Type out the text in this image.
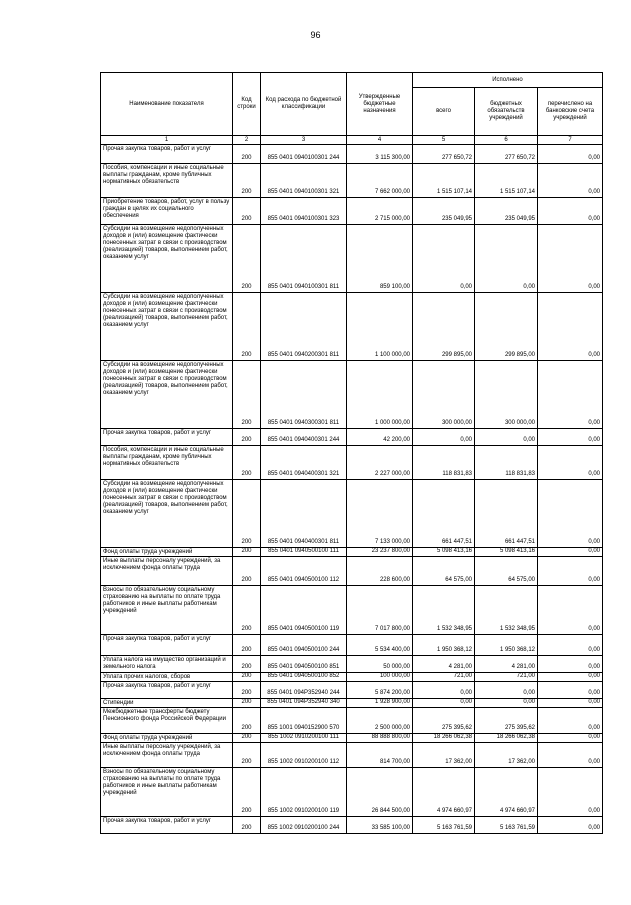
96
Наименование показателя	Код строки	Код расхода по бюджетной классификации	Утвержденные бюджетные назначения	Исполнено		
				всего	бюджетных обязательств учреждений	перечислено на банковские счета учреждений
1	2	3	4	5	6	7
Прочая закупка товаров, работ и услуг	200	855 0401 0940100301 244	3 115 300,00	277 650,72	277 650,72	0,00
Пособия, компенсации и иные социальные выплаты гражданам, кроме публичных нормативных обязательств	200	855 0401 0940100301 321	7 662 000,00	1 515 107,14	1 515 107,14	0,00
Приобретение товаров, работ, услуг в пользу граждан в целях их социального обеспечения	200	855 0401 0940100301 323	2 715 000,00	235 049,95	235 049,95	0,00
Субсидии на возмещение недополученных доходов и (или) возмещение фактически понесенных затрат в связи с производством (реализацией) товаров, выполнением работ, оказанием услуг	200	855 0401 0940100301 811	859 100,00	0,00	0,00	0,00
Субсидии на возмещение недополученных доходов и (или) возмещение фактически понесенных затрат в связи с производством (реализацией) товаров, выполнением работ, оказанием услуг	200	855 0401 0940200301 811	1 100 000,00	299 895,00	299 895,00	0,00
Субсидии на возмещение недополученных доходов и (или) возмещение фактически понесенных затрат в связи с производством (реализацией) товаров, выполнением работ, оказанием услуг	200	855 0401 0940300301 811	1 000 000,00	300 000,00	300 000,00	0,00
Прочая закупка товаров, работ и услуг	200	855 0401 0940400301 244	42 200,00	0,00	0,00	0,00
Пособия, компенсации и иные социальные выплаты гражданам, кроме публичных нормативных обязательств	200	855 0401 0940400301 321	2 227 000,00	118 831,83	118 831,83	0,00
Субсидии на возмещение недополученных доходов и (или) возмещение фактически понесенных затрат в связи с производством (реализацией) товаров, выполнением работ, оказанием услуг	200	855 0401 0940400301 811	7 133 000,00	661 447,51	661 447,51	0,00
Фонд оплаты труда учреждений	200	855 0401 0940500100 111	23 237 800,00	5 098 413,16	5 098 413,16	0,00
Иные выплаты персоналу учреждений, за исключением фонда оплаты труда	200	855 0401 0940500100 112	228 600,00	64 575,00	64 575,00	0,00
Взносы по обязательному социальному страхованию на выплаты по оплате труда работников и иные выплаты работникам учреждений	200	855 0401 0940500100 119	7 017 800,00	1 532 348,95	1 532 348,95	0,00
Прочая закупка товаров, работ и услуг	200	855 0401 0940500100 244	5 534 400,00	1 950 368,12	1 950 368,12	0,00
Уплата налога на имущество организаций и земельного налога	200	855 0401 0940500100 851	50 000,00	4 281,00	4 281,00	0,00
Уплата прочих налогов, сборов	200	855 0401 0940500100 852	100 000,00	721,00	721,00	0,00
Прочая закупка товаров, работ и услуг	200	855 0401 094P352940 244	5 874 200,00	0,00	0,00	0,00
Стипендии	200	855 0401 094P352940 340	1 928 900,00	0,00	0,00	0,00
Межбюджетные трансферты бюджету Пенсионного фонда Российской Федерации	200	855 1001 0940152900 570	2 500 000,00	275 395,62	275 395,62	0,00
Фонд оплаты труда учреждений	200	855 1002 0910200100 111	88 888 800,00	18 266 062,38	18 266 062,38	0,00
Иные выплаты персоналу учреждений, за исключением фонда оплаты труда	200	855 1002 0910200100 112	814 700,00	17 362,00	17 362,00	0,00
Взносы по обязательному социальному страхованию на выплаты по оплате труда работников и иные выплаты работникам учреждений	200	855 1002 0910200100 119	26 844 500,00	4 974 660,97	4 974 660,97	0,00
Прочая закупка товаров, работ и услуг	200	855 1002 0910200100 244	33 585 100,00	5 163 761,59	5 163 761,59	0,00
